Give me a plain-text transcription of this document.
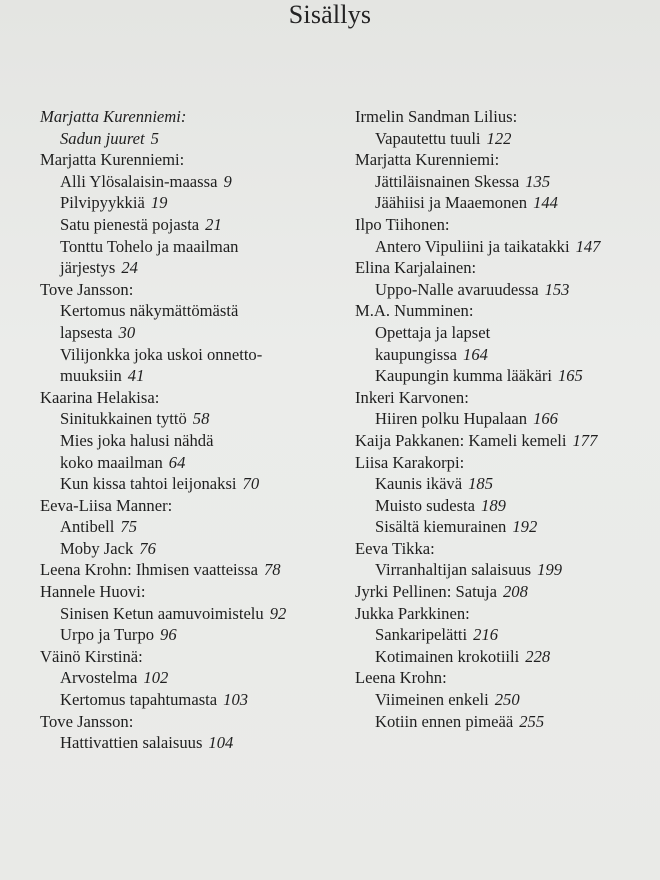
Sisällys
Marjatta Kurenniemi:
Sadun juuret 5
Marjatta Kurenniemi:
Alli Ylösalaisin-maassa 9
Pilvipyykkiä 19
Satu pienestä pojasta 21
Tonttu Tohelo ja maailman
järjestys 24
Tove Jansson:
Kertomus näkymättömästä
lapsesta 30
Vilijonkka joka uskoi onnetto-
muuksiin 41
Kaarina Helakisa:
Sinitukkainen tyttö 58
Mies joka halusi nähdä
koko maailman 64
Kun kissa tahtoi leijonaksi 70
Eeva-Liisa Manner:
Antibell 75
Moby Jack 76
Leena Krohn: Ihmisen vaatteissa 78
Hannele Huovi:
Sinisen Ketun aamuvoimistelu 92
Urpo ja Turpo 96
Väinö Kirstinä:
Arvostelma 102
Kertomus tapahtumasta 103
Tove Jansson:
Hattivattien salaisuus 104
Irmelin Sandman Lilius:
Vapautettu tuuli 122
Marjatta Kurenniemi:
Jättiläisnainen Skessa 135
Jäähiisi ja Maaemonen 144
Ilpo Tiihonen:
Antero Vipuliini ja taikatakki 147
Elina Karjalainen:
Uppo-Nalle avaruudessa 153
M.A. Numminen:
Opettaja ja lapset
kaupungissa 164
Kaupungin kumma lääkäri 165
Inkeri Karvonen:
Hiiren polku Hupalaan 166
Kaija Pakkanen: Kameli kemeli 177
Liisa Karakorpi:
Kaunis ikävä 185
Muisto sudesta 189
Sisältä kiemurainen 192
Eeva Tikka:
Virranhaltijan salaisuus 199
Jyrki Pellinen: Satuja 208
Jukka Parkkinen:
Sankaripelätti 216
Kotimainen krokotiili 228
Leena Krohn:
Viimeinen enkeli 250
Kotiin ennen pimeää 255
